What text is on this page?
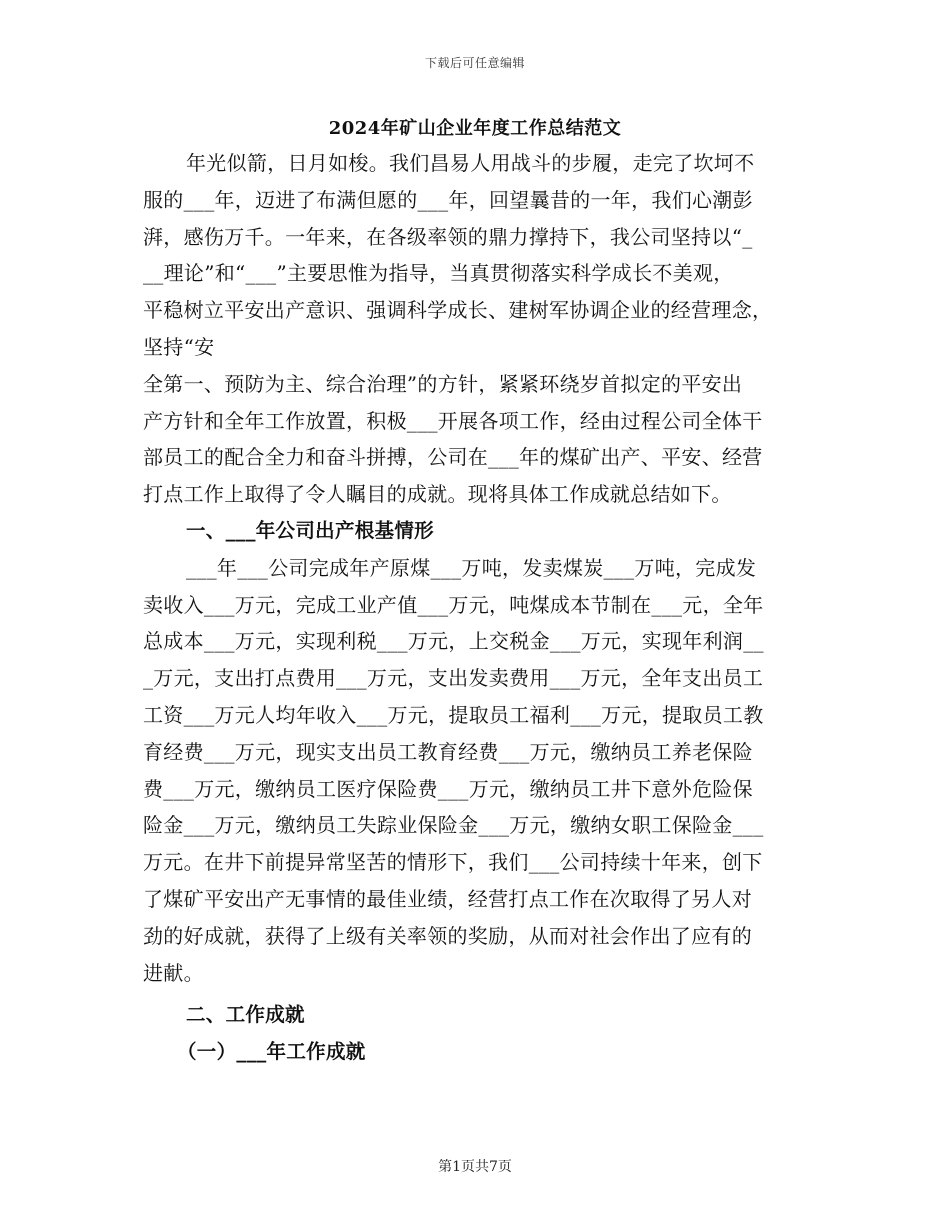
下载后可任意编辑
2024年矿山企业年度工作总结范文
年光似箭，日月如梭。我们昌易人用战斗的步履，走完了坎坷不
服的___年，迈进了布满但愿的___年，回望曩昔的一年，我们心潮彭
湃，感伤万千。一年来，在各级率领的鼎力撑持下，我公司坚持以“_
__理论”和“___”主要思惟为指导，当真贯彻落实科学成长不美观，
平稳树立平安出产意识、强调科学成长、建树军协调企业的经营理念，
坚持“安
全第一、预防为主、综合治理”的方针，紧紧环绕岁首拟定的平安出
产方针和全年工作放置，积极___开展各项工作，经由过程公司全体干
部员工的配合全力和奋斗拼搏，公司在___年的煤矿出产、平安、经营
打点工作上取得了令人瞩目的成就。现将具体工作成就总结如下。
一、___年公司出产根基情形
___年___公司完成年产原煤___万吨，发卖煤炭___万吨，完成发
卖收入___万元，完成工业产值___万元，吨煤成本节制在___元，全年
总成本___万元，实现利税___万元，上交税金___万元，实现年利润__
_万元，支出打点费用___万元，支出发卖费用___万元，全年支出员工
工资___万元人均年收入___万元，提取员工福利___万元，提取员工教
育经费___万元，现实支出员工教育经费___万元，缴纳员工养老保险
费___万元，缴纳员工医疗保险费___万元，缴纳员工井下意外危险保
险金___万元，缴纳员工失踪业保险金___万元，缴纳女职工保险金___
万元。在井下前提异常坚苦的情形下，我们___公司持续十年来，创下
了煤矿平安出产无事情的最佳业绩，经营打点工作在次取得了另人对
劲的好成就，获得了上级有关率领的奖励，从而对社会作出了应有的
进献。
二、工作成就
（一）___年工作成就
第1页共7页
